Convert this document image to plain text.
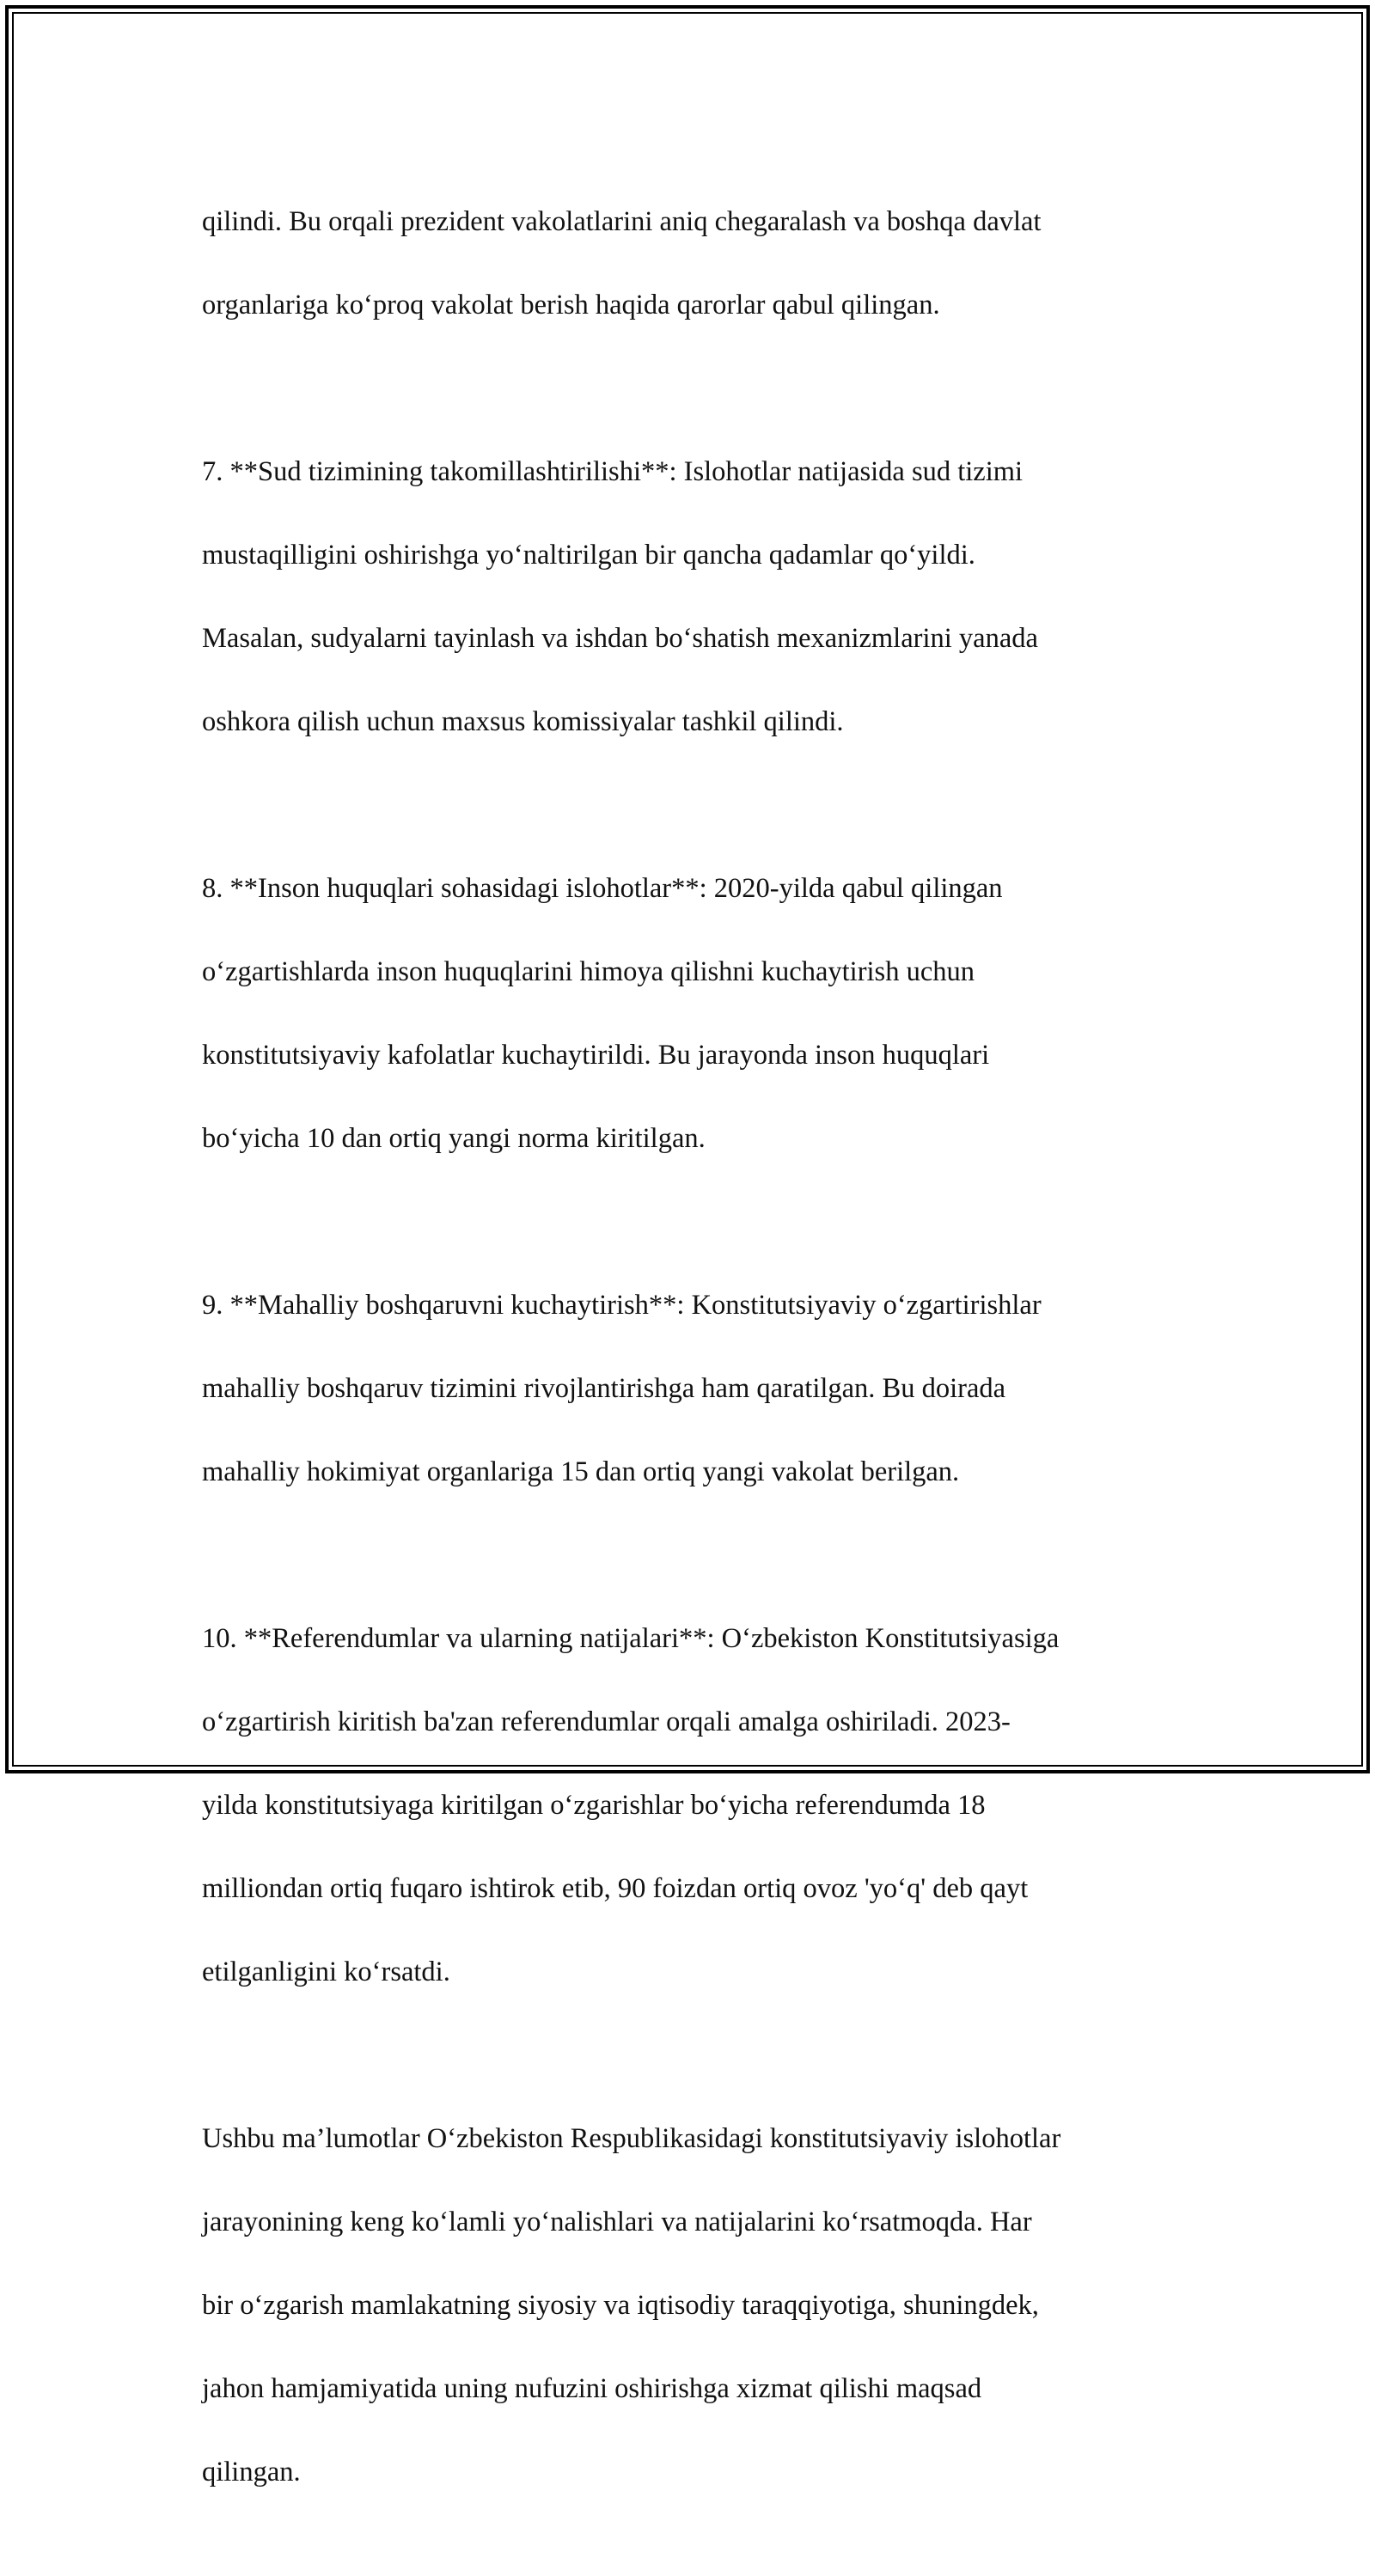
qilindi. Bu orqali prezident vakolatlarini aniq chegaralash va boshqa davlat

organlariga ko‘proq vakolat berish haqida qarorlar qabul qilingan.

7. **Sud tizimining takomillashtirilishi**: Islohotlar natijasida sud tizimi

mustaqilligini oshirishga yo‘naltirilgan bir qancha qadamlar qo‘yildi.

Masalan, sudyalarni tayinlash va ishdan bo‘shatish mexanizmlarini yanada

oshkora qilish uchun maxsus komissiyalar tashkil qilindi.

8. **Inson huquqlari sohasidagi islohotlar**: 2020-yilda qabul qilingan

o‘zgartishlarda inson huquqlarini himoya qilishni kuchaytirish uchun

konstitutsiyaviy kafolatlar kuchaytirildi. Bu jarayonda inson huquqlari

bo‘yicha 10 dan ortiq yangi norma kiritilgan.

9. **Mahalliy boshqaruvni kuchaytirish**: Konstitutsiyaviy o‘zgartirishlar

mahalliy boshqaruv tizimini rivojlantirishga ham qaratilgan. Bu doirada

mahalliy hokimiyat organlariga 15 dan ortiq yangi vakolat berilgan.

10. **Referendumlar va ularning natijalari**: O‘zbekiston Konstitutsiyasiga

o‘zgartirish kiritish ba'zan referendumlar orqali amalga oshiriladi. 2023-

yilda konstitutsiyaga kiritilgan o‘zgarishlar bo‘yicha referendumda 18

milliondan ortiq fuqaro ishtirok etib, 90 foizdan ortiq ovoz 'yo‘q' deb qayt

etilganligini ko‘rsatdi.

Ushbu ma’lumotlar O‘zbekiston Respublikasidagi konstitutsiyaviy islohotlar

jarayonining keng ko‘lamli yo‘nalishlari va natijalarini ko‘rsatmoqda. Har

bir o‘zgarish mamlakatning siyosiy va iqtisodiy taraqqiyotiga, shuningdek,

jahon hamjamiyatida uning nufuzini oshirishga xizmat qilishi maqsad

qilingan.
